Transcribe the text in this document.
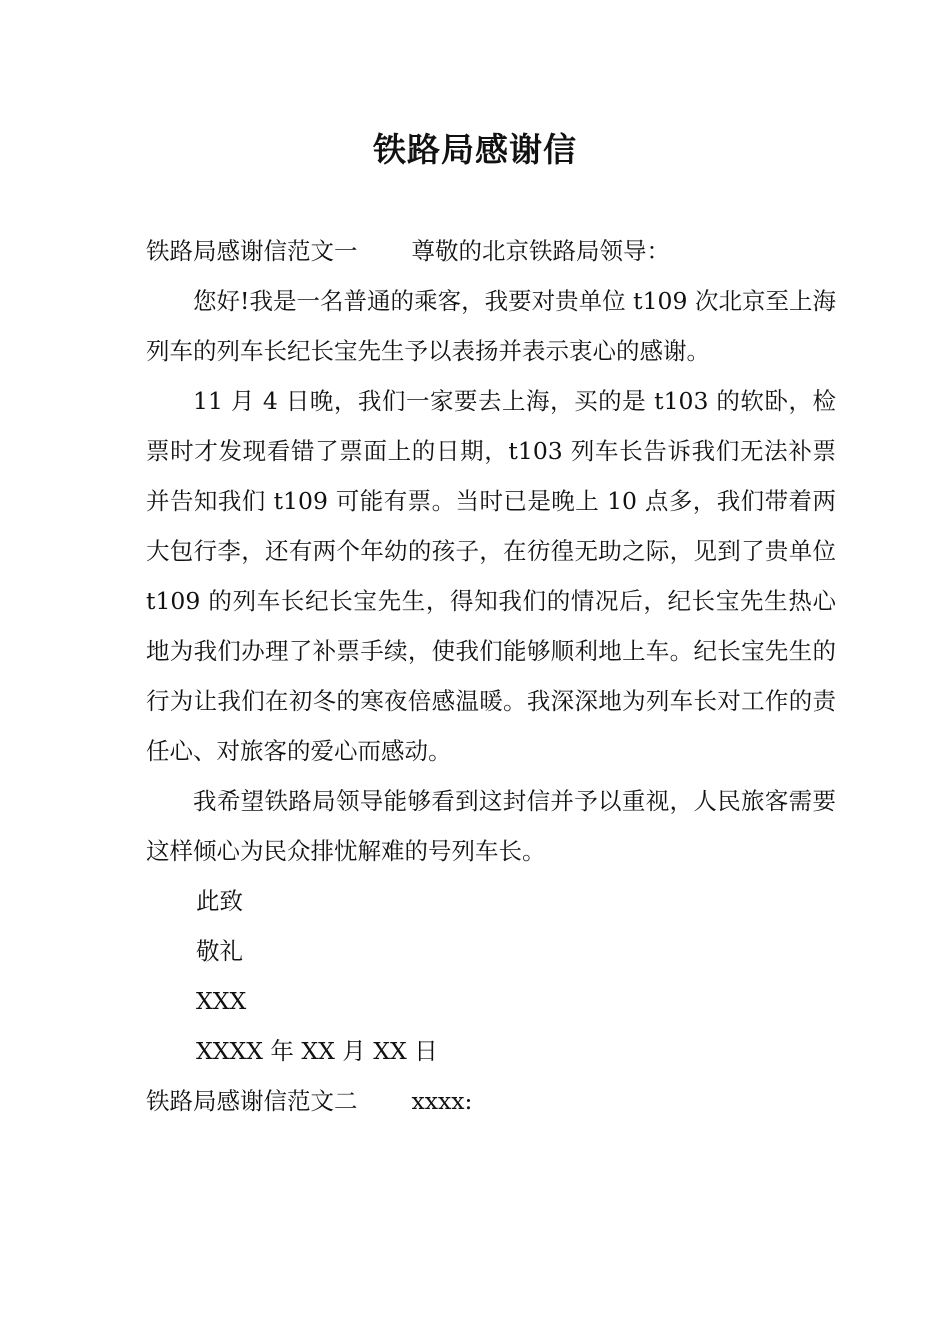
铁路局感谢信
铁路局感谢信范文一 尊敬的北京铁路局领导：

您好!我是一名普通的乘客，我要对贵单位 t109 次北京至上海列车的列车长纪长宝先生予以表扬并表示衷心的感谢。

11 月 4 日晚，我们一家要去上海，买的是 t103 的软卧，检票时才发现看错了票面上的日期，t103 列车长告诉我们无法补票并告知我们 t109 可能有票。当时已是晚上 10 点多，我们带着两大包行李，还有两个年幼的孩子，在彷徨无助之际，见到了贵单位 t109 的列车长纪长宝先生，得知我们的情况后，纪长宝先生热心地为我们办理了补票手续，使我们能够顺利地上车。纪长宝先生的行为让我们在初冬的寒夜倍感温暖。我深深地为列车长对工作的责任心、对旅客的爱心而感动。

我希望铁路局领导能够看到这封信并予以重视，人民旅客需要这样倾心为民众排忧解难的号列车长。

此致
敬礼
XXX
XXXX 年 XX 月 XX 日
铁路局感谢信范文二 xxxx:
